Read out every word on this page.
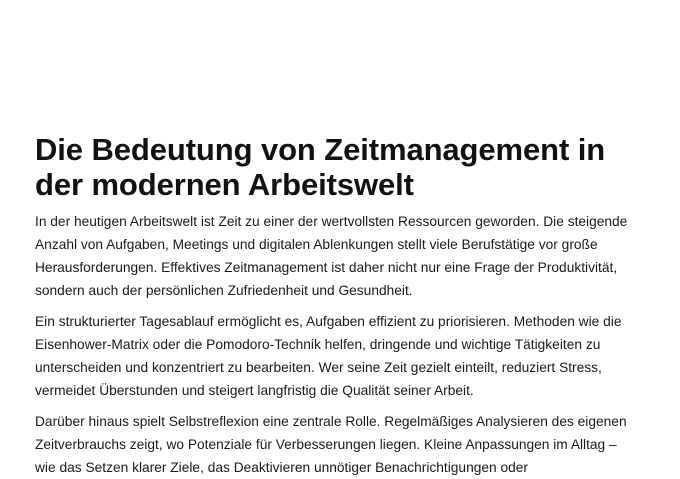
Die Bedeutung von Zeitmanagement in der modernen Arbeitswelt

In der heutigen Arbeitswelt ist Zeit zu einer der wertvollsten Ressourcen geworden. Die steigende Anzahl von Aufgaben, Meetings und digitalen Ablenkungen stellt viele Berufstätige vor große Herausforderungen. Effektives Zeitmanagement ist daher nicht nur eine Frage der Produktivität, sondern auch der persönlichen Zufriedenheit und Gesundheit.

Ein strukturierter Tagesablauf ermöglicht es, Aufgaben effizient zu priorisieren. Methoden wie die Eisenhower-Matrix oder die Pomodoro-Technik helfen, dringende und wichtige Tätigkeiten zu unterscheiden und konzentriert zu bearbeiten. Wer seine Zeit gezielt einteilt, reduziert Stress, vermeidet Überstunden und steigert langfristig die Qualität seiner Arbeit.

Darüber hinaus spielt Selbstreflexion eine zentrale Rolle. Regelmäßiges Analysieren des eigenen Zeitverbrauchs zeigt, wo Potenziale für Verbesserungen liegen. Kleine Anpassungen im Alltag – wie das Setzen klarer Ziele, das Deaktivieren unnötiger Benachrichtigungen oder
